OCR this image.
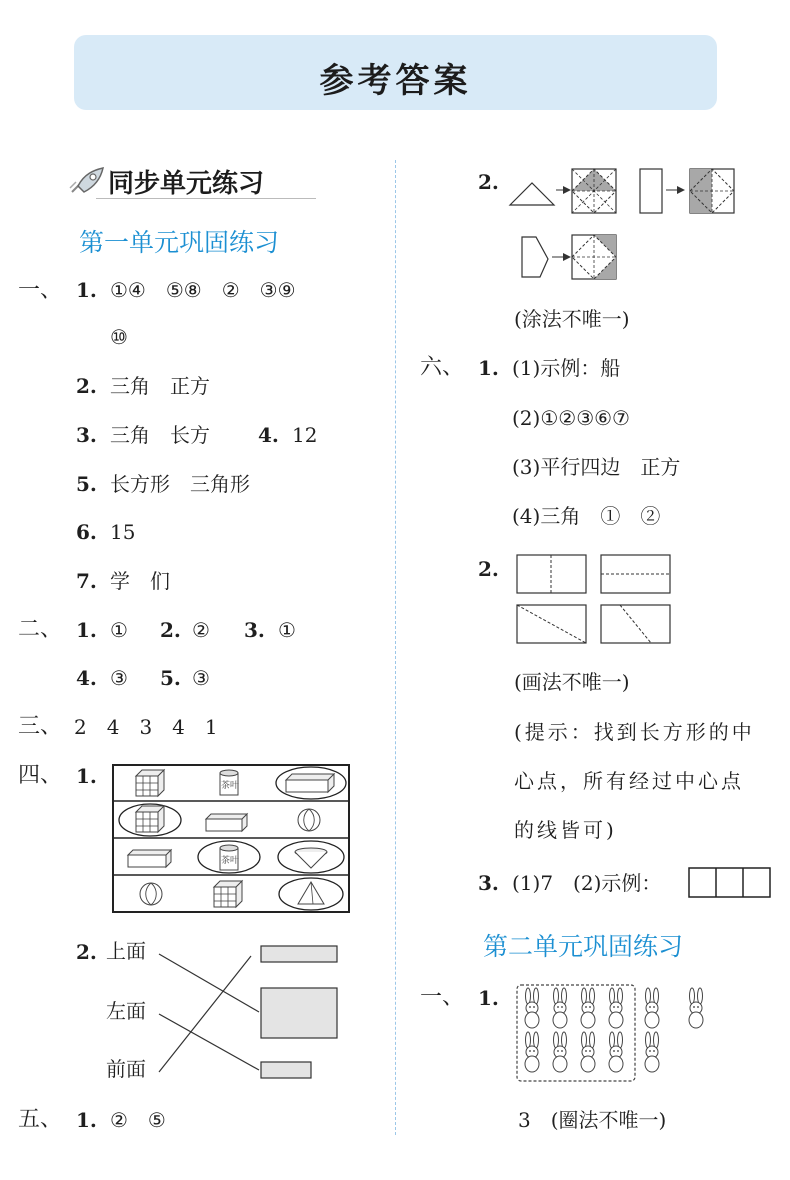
参考答案
同步单元练习
第一单元巩固练习
一、 1. ①④　⑤⑧　②　③⑨
⑩
2. 三角　正方
3. 三角　长方 4. 12
5. 长方形　三角形
6. 15
7. 学　们
二、 1. ① 2. ② 3. ①
4. ③ 5. ③
三、 2　4　3　4　1
四、 1.	茶叶
茶叶
2. 上面
左面
前面
五、 1. ②　⑤
2.
(涂法不唯一)
六、 1. (1)示例：船
(2)①②③⑥⑦
(3)平行四边　正方
(4)三角　①　②
2.
(画法不唯一)
(提示：找到长方形的中
心点，所有经过中心点
的线皆可)
3. (1)7　(2)示例：
第二单元巩固练习
一、 1.
3　(圈法不唯一)
